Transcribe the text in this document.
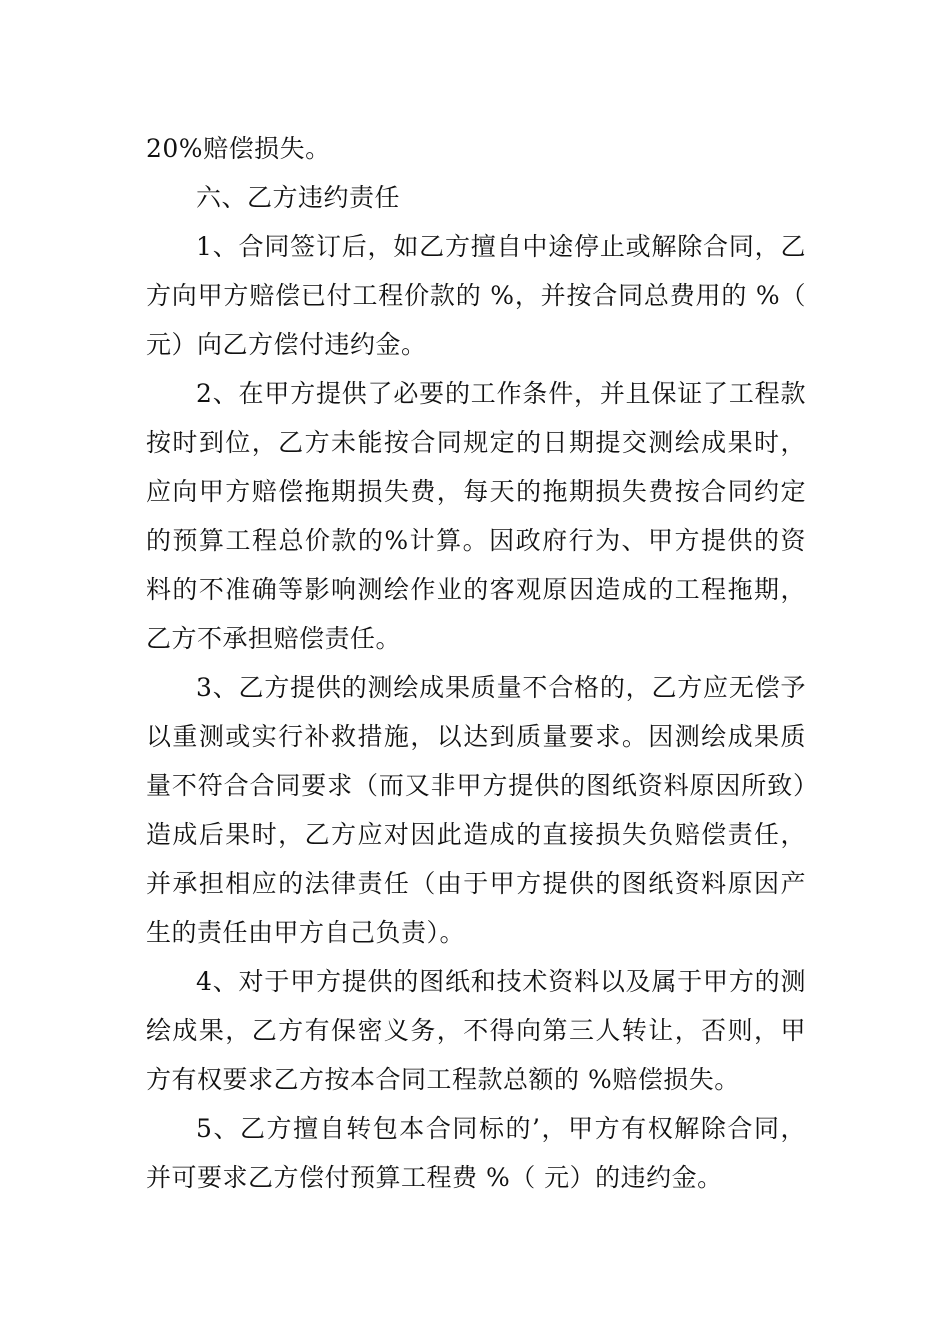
20%赔偿损失。

六、乙方违约责任

1、合同签订后，如乙方擅自中途停止或解除合同，乙方向甲方赔偿已付工程价款的 %，并按合同总费用的 %（ 元）向乙方偿付违约金。

2、在甲方提供了必要的工作条件，并且保证了工程款按时到位，乙方未能按合同规定的日期提交测绘成果时，应向甲方赔偿拖期损失费，每天的拖期损失费按合同约定的预算工程总价款的%计算。因政府行为、甲方提供的资料的不准确等影响测绘作业的客观原因造成的工程拖期，乙方不承担赔偿责任。

3、乙方提供的测绘成果质量不合格的，乙方应无偿予以重测或实行补救措施，以达到质量要求。因测绘成果质量不符合合同要求（而又非甲方提供的图纸资料原因所致）造成后果时，乙方应对因此造成的直接损失负赔偿责任，并承担相应的法律责任（由于甲方提供的图纸资料原因产生的责任由甲方自己负责）。

4、对于甲方提供的图纸和技术资料以及属于甲方的测绘成果，乙方有保密义务，不得向第三人转让，否则，甲方有权要求乙方按本合同工程款总额的 %赔偿损失。

5、乙方擅自转包本合同标的’，甲方有权解除合同，并可要求乙方偿付预算工程费 %（ 元）的违约金。
